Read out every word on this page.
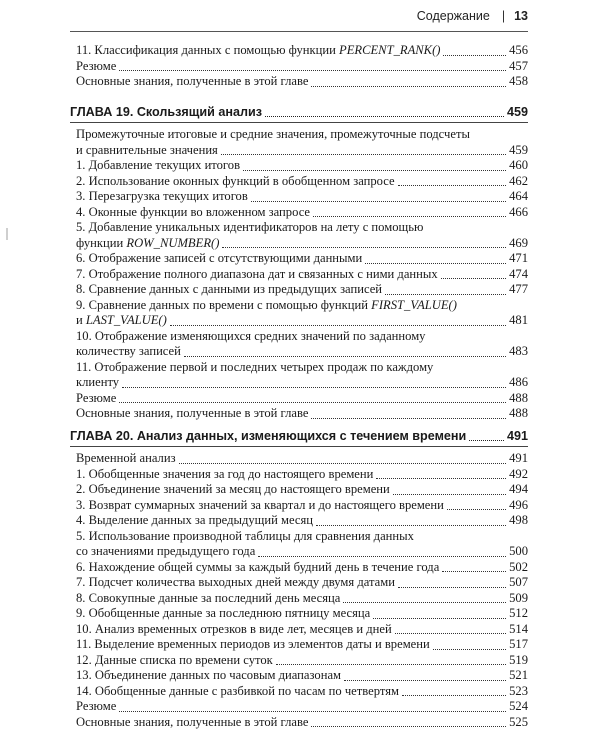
Содержание | 13
11. Классификация данных с помощью функции PERCENT_RANK()	456
Резюме	457
Основные знания, полученные в этой главе	458
ГЛАВА 19. Скользящий анализ	459
Промежуточные итоговые и средние значения, промежуточные подсчеты
и сравнительные значения	459
1. Добавление текущих итогов	460
2. Использование оконных функций в обобщенном запросе	462
3. Перезагрузка текущих итогов	464
4. Оконные функции во вложенном запросе	466
5. Добавление уникальных идентификаторов на лету с помощью
функции ROW_NUMBER()	469
6. Отображение записей с отсутствующими данными	471
7. Отображение полного диапазона дат и связанных с ними данных	474
8. Сравнение данных с данными из предыдущих записей	477
9. Сравнение данных по времени с помощью функций FIRST_VALUE()
и LAST_VALUE()	481
10. Отображение изменяющихся средних значений по заданному
количеству записей	483
11. Отображение первой и последних четырех продаж по каждому
клиенту	486
Резюме	488
Основные знания, полученные в этой главе	488
ГЛАВА 20. Анализ данных, изменяющихся с течением времени	491
Временной анализ	491
1. Обобщенные значения за год до настоящего времени	492
2. Объединение значений за месяц до настоящего времени	494
3. Возврат суммарных значений за квартал и до настоящего времени	496
4. Выделение данных за предыдущий месяц	498
5. Использование производной таблицы для сравнения данных
со значениями предыдущего года	500
6. Нахождение общей суммы за каждый будний день в течение года	502
7. Подсчет количества выходных дней между двумя датами	507
8. Совокупные данные за последний день месяца	509
9. Обобщенные данные за последнюю пятницу месяца	512
10. Анализ временных отрезков в виде лет, месяцев и дней	514
11. Выделение временных периодов из элементов даты и времени	517
12. Данные списка по времени суток	519
13. Объединение данных по часовым диапазонам	521
14. Обобщенные данные с разбивкой по часам по четвертям	523
Резюме	524
Основные знания, полученные в этой главе	525
